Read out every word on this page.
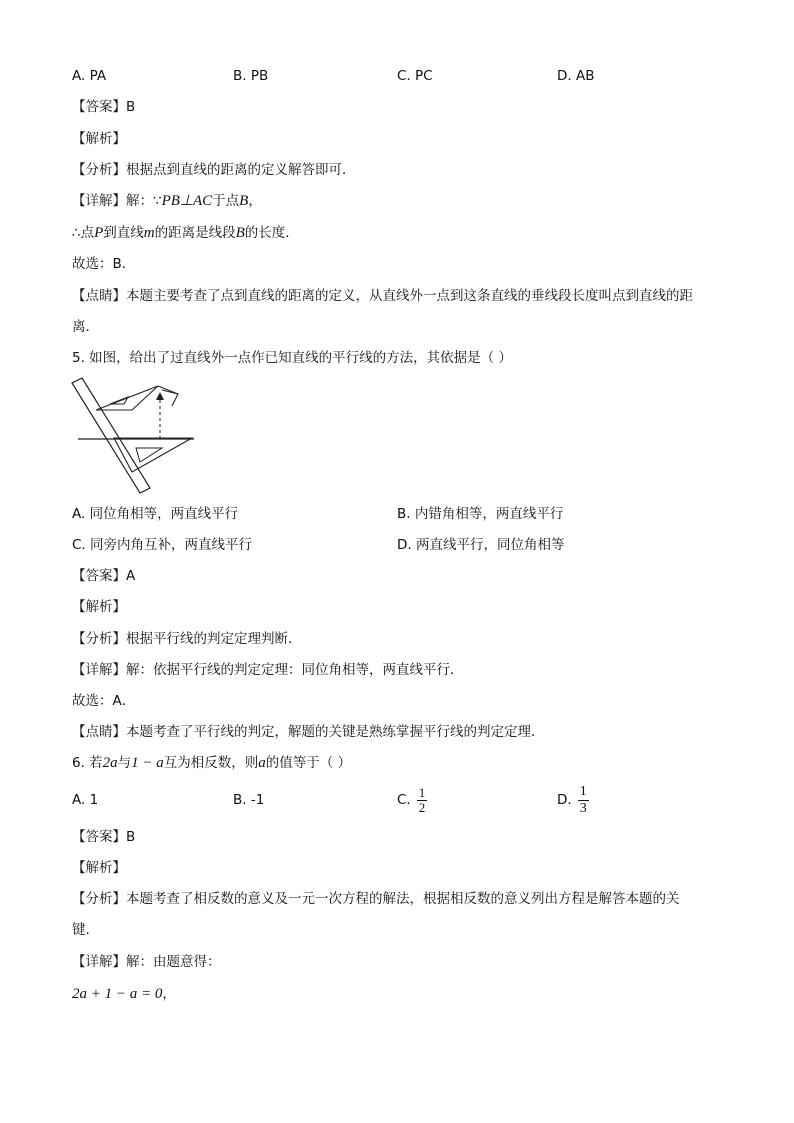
A. PA	B. PB	C. PC	D. AB
【答案】B
【解析】
【分析】根据点到直线的距离的定义解答即可．
【详解】解：∵PB⊥AC于点B，
∴点P到直线m的距离是线段B的长度．
故选：B．
【点睛】本题主要考查了点到直线的距离的定义，从直线外一点到这条直线的垂线段长度叫点到直线的距
离．
5. 如图，给出了过直线外一点作已知直线的平行线的方法，其依据是（ ）
A. 同位角相等，两直线平行	B. 内错角相等，两直线平行
C. 同旁内角互补，两直线平行	D. 两直线平行，同位角相等
【答案】A
【解析】
【分析】根据平行线的判定定理判断．
【详解】解：依据平行线的判定定理：同位角相等，两直线平行．
故选：A．
【点睛】本题考查了平行线的判定，解题的关键是熟练掌握平行线的判定定理．
6. 若2a与1 − a互为相反数，则a的值等于（ ）
A. 1	B. -1	C. $\frac{1}{2}$	D. $\frac{1}{3}$
【答案】B
【解析】
【分析】本题考查了相反数的意义及一元一次方程的解法，根据相反数的意义列出方程是解答本题的关
键.
【详解】解：由题意得：
2a + 1 − a = 0，
